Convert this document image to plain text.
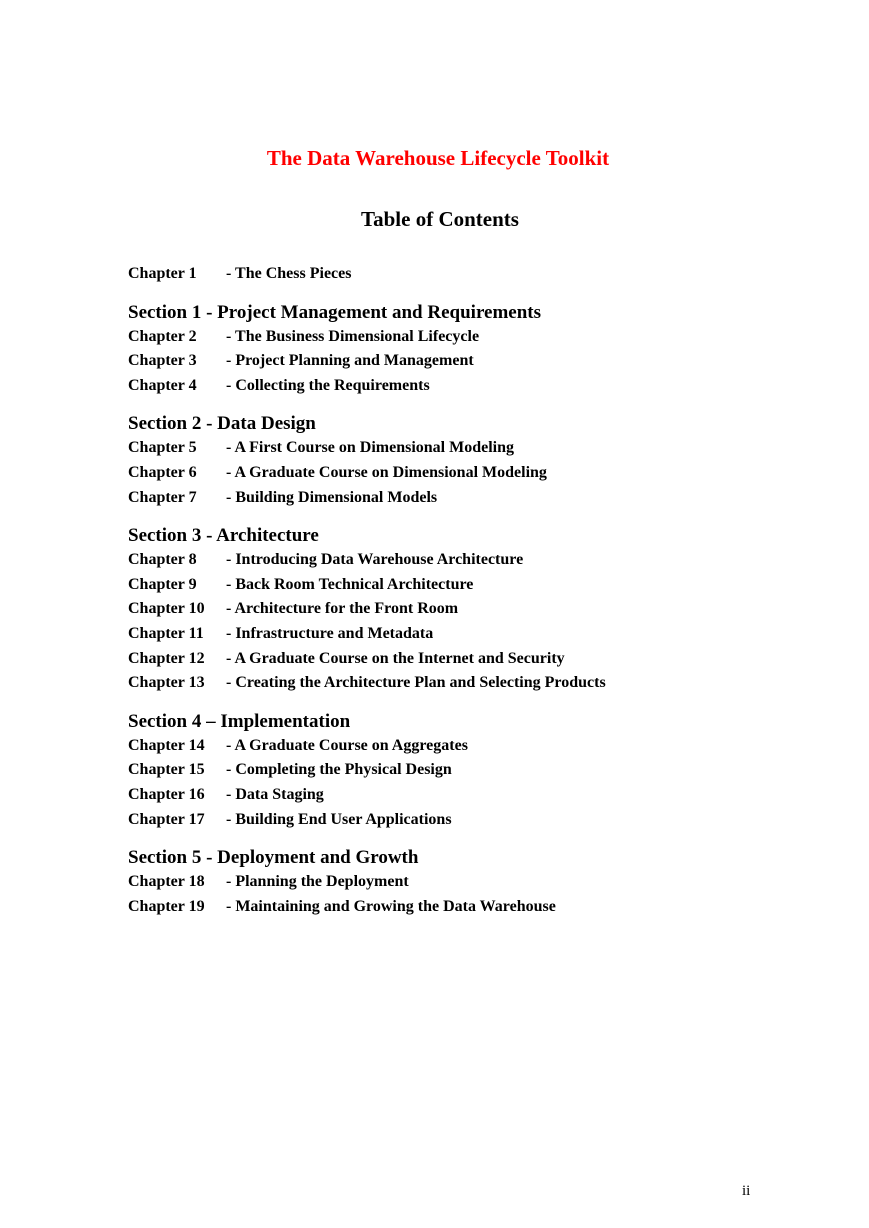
The Data Warehouse Lifecycle Toolkit
Table of Contents
Chapter 1 - The Chess Pieces
Section 1 - Project Management and Requirements
Chapter 2 - The Business Dimensional Lifecycle
Chapter 3 - Project Planning and Management
Chapter 4 - Collecting the Requirements
Section 2 - Data Design
Chapter 5 - A First Course on Dimensional Modeling
Chapter 6 - A Graduate Course on Dimensional Modeling
Chapter 7 - Building Dimensional Models
Section 3 - Architecture
Chapter 8 - Introducing Data Warehouse Architecture
Chapter 9 - Back Room Technical Architecture
Chapter 10 - Architecture for the Front Room
Chapter 11 - Infrastructure and Metadata
Chapter 12 - A Graduate Course on the Internet and Security
Chapter 13 - Creating the Architecture Plan and Selecting Products
Section 4 – Implementation
Chapter 14 - A Graduate Course on Aggregates
Chapter 15 - Completing the Physical Design
Chapter 16 - Data Staging
Chapter 17 - Building End User Applications
Section 5 - Deployment and Growth
Chapter 18 - Planning the Deployment
Chapter 19 - Maintaining and Growing the Data Warehouse
ii
